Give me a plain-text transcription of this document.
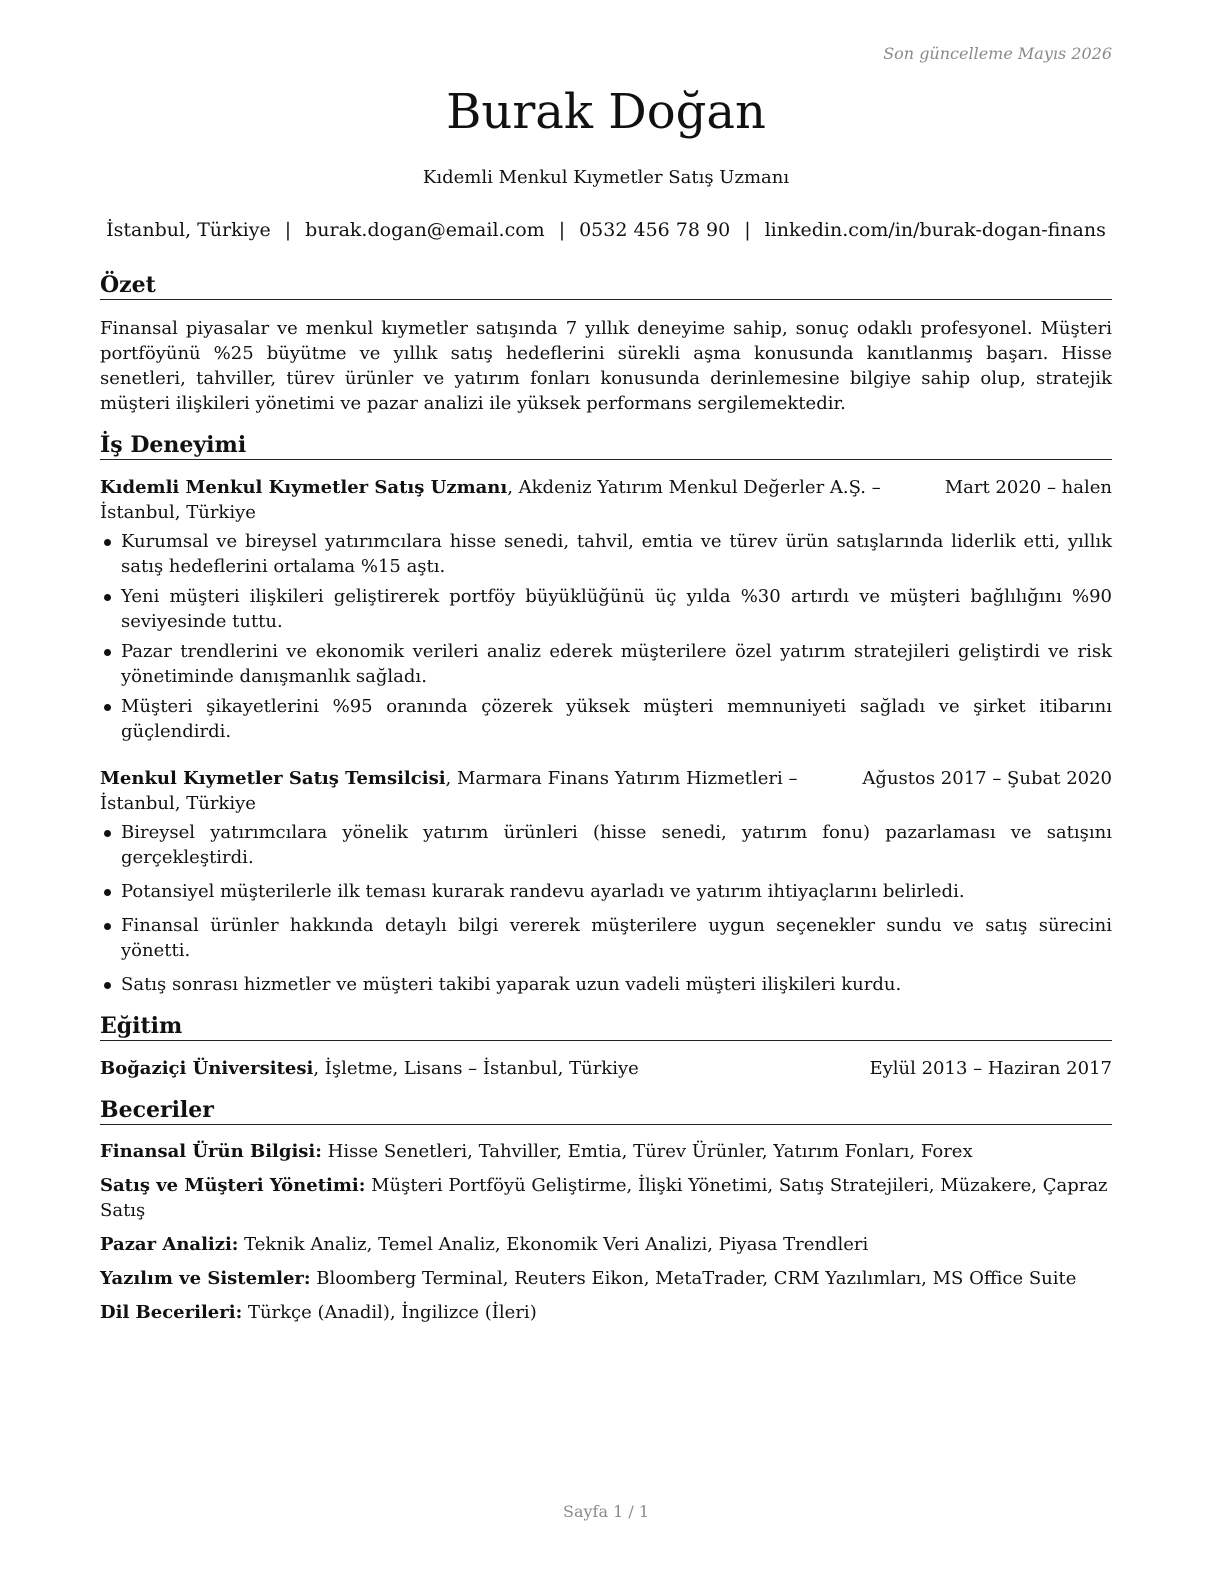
Son güncelleme Mayıs 2026
Burak Doğan
Kıdemli Menkul Kıymetler Satış Uzmanı
İstanbul, Türkiye | burak.dogan@email.com | 0532 456 78 90 | linkedin.com/in/burak-dogan-finans
Özet

Finansal piyasalar ve menkul kıymetler satışında 7 yıllık deneyime sahip, sonuç odaklı profesyonel. Müşteri portföyünü %25 büyütme ve yıllık satış hedeflerini sürekli aşma konusunda kanıtlanmış başarı. Hisse senetleri, tahviller, türev ürünler ve yatırım fonları konusunda derinlemesine bilgiye sahip olup, stratejik müşteri ilişkileri yönetimi ve pazar analizi ile yüksek performans sergilemektedir.

İş Deneyimi
Kıdemli Menkul Kıymetler Satış Uzmanı, Akdeniz Yatırım Menkul Değerler A.Ş. – İstanbul, Türkiye
Mart 2020 – halen
Kurumsal ve bireysel yatırımcılara hisse senedi, tahvil, emtia ve türev ürün satışlarında liderlik etti, yıllık satış hedeflerini ortalama %15 aştı.
Yeni müşteri ilişkileri geliştirerek portföy büyüklüğünü üç yılda %30 artırdı ve müşteri bağlılığını %90 seviyesinde tuttu.
Pazar trendlerini ve ekonomik verileri analiz ederek müşterilere özel yatırım stratejileri geliştirdi ve risk yönetiminde danışmanlık sağladı.
Müşteri şikayetlerini %95 oranında çözerek yüksek müşteri memnuniyeti sağladı ve şirket itibarını güçlendirdi.
Menkul Kıymetler Satış Temsilcisi, Marmara Finans Yatırım Hizmetleri – İstanbul, Türkiye
Ağustos 2017 – Şubat 2020
Bireysel yatırımcılara yönelik yatırım ürünleri (hisse senedi, yatırım fonu) pazarlaması ve satışını gerçekleştirdi.
Potansiyel müşterilerle ilk teması kurarak randevu ayarladı ve yatırım ihtiyaçlarını belirledi.
Finansal ürünler hakkında detaylı bilgi vererek müşterilere uygun seçenekler sundu ve satış sürecini yönetti.
Satış sonrası hizmetler ve müşteri takibi yaparak uzun vadeli müşteri ilişkileri kurdu.
Eğitim
Boğaziçi Üniversitesi, İşletme, Lisans – İstanbul, Türkiye	Eylül 2013 – Haziran 2017
Beceriler
Finansal Ürün Bilgisi: Hisse Senetleri, Tahviller, Emtia, Türev Ürünler, Yatırım Fonları, Forex
Satış ve Müşteri Yönetimi: Müşteri Portföyü Geliştirme, İlişki Yönetimi, Satış Stratejileri, Müzakere, Çapraz Satış
Pazar Analizi: Teknik Analiz, Temel Analiz, Ekonomik Veri Analizi, Piyasa Trendleri
Yazılım ve Sistemler: Bloomberg Terminal, Reuters Eikon, MetaTrader, CRM Yazılımları, MS Office Suite
Dil Becerileri: Türkçe (Anadil), İngilizce (İleri)
Sayfa 1 / 1
